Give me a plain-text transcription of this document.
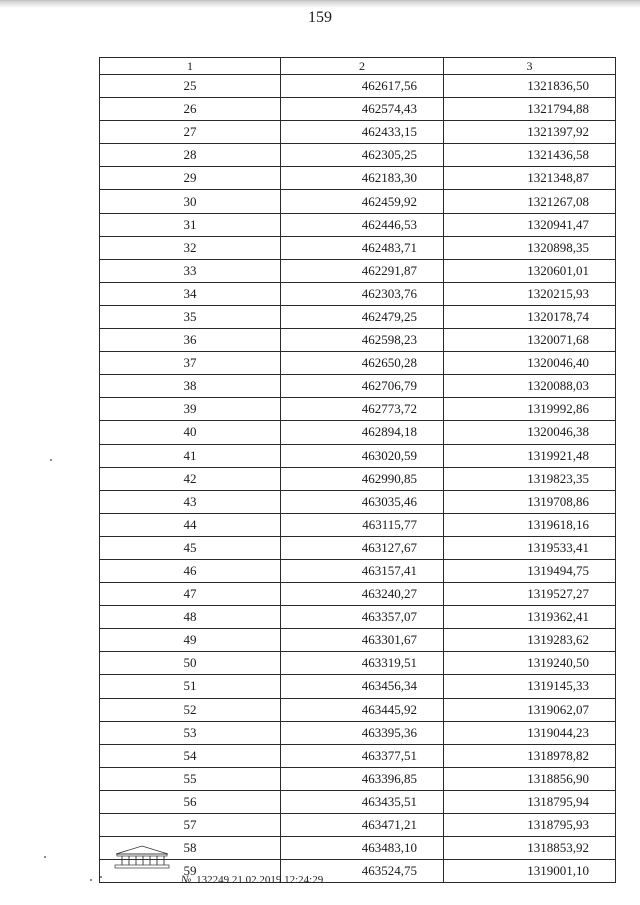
159
1	2	3
25	462617,56	1321836,50
26	462574,43	1321794,88
27	462433,15	1321397,92
28	462305,25	1321436,58
29	462183,30	1321348,87
30	462459,92	1321267,08
31	462446,53	1320941,47
32	462483,71	1320898,35
33	462291,87	1320601,01
34	462303,76	1320215,93
35	462479,25	1320178,74
36	462598,23	1320071,68
37	462650,28	1320046,40
38	462706,79	1320088,03
39	462773,72	1319992,86
40	462894,18	1320046,38
41	463020,59	1319921,48
42	462990,85	1319823,35
43	463035,46	1319708,86
44	463115,77	1319618,16
45	463127,67	1319533,41
46	463157,41	1319494,75
47	463240,27	1319527,27
48	463357,07	1319362,41
49	463301,67	1319283,62
50	463319,51	1319240,50
51	463456,34	1319145,33
52	463445,92	1319062,07
53	463395,36	1319044,23
54	463377,51	1318978,82
55	463396,85	1318856,90
56	463435,51	1318795,94
57	463471,21	1318795,93
58	463483,10	1318853,92
59	463524,75	1319001,10
№ 132249 21.02.2019 12:24:29
